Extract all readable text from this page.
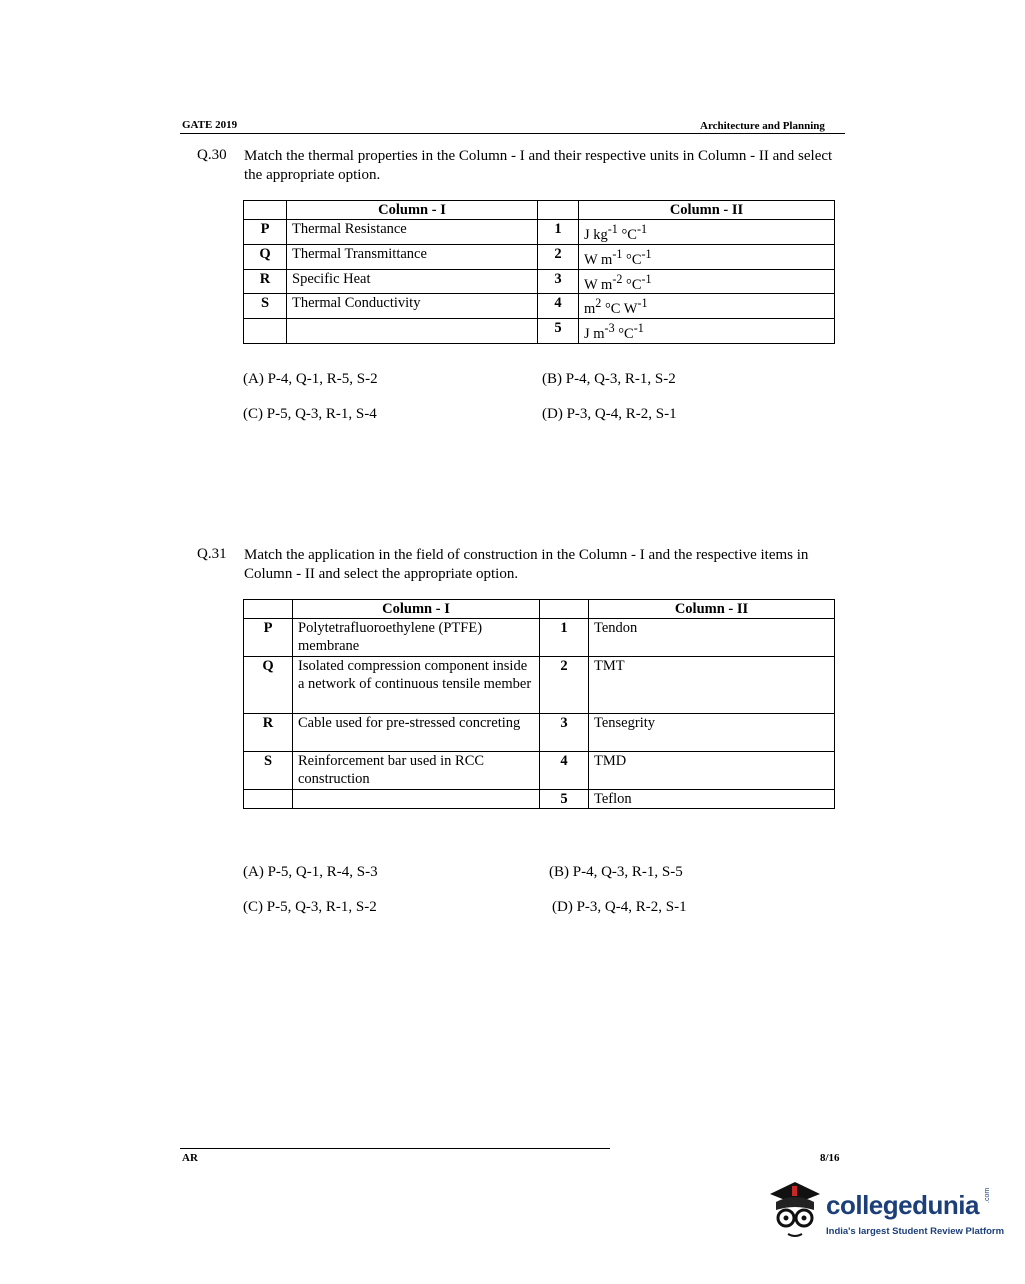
GATE 2019	Architecture and Planning
Q.30 Match the thermal properties in the Column - I and their respective units in Column - II and select the appropriate option.
	Column - I		Column - II
P	Thermal Resistance	1	J $kg^{-1}$ $^\circ C^{-1}$
Q	Thermal Transmittance	2	W $m^{-1}$ $^\circ C^{-1}$
R	Specific Heat	3	W $m^{-2}$ $^\circ C^{-1}$
S	Thermal Conductivity	4	$m^2$ °C $W^{-1}$
		5	J $m^{-3}$ $^\circ C^{-1}$
(A) P-4, Q-1, R-5, S-2	(B) P-4, Q-3, R-1, S-2
(C) P-5, Q-3, R-1, S-4	(D) P-3, Q-4, R-2, S-1
Q.31 Match the application in the field of construction in the Column - I and the respective items in Column - II and select the appropriate option.
	Column - I		Column - II
P	Polytetrafluoroethylene (PTFE) membrane	1	Tendon
Q	Isolated compression component inside a network of continuous tensile member	2	TMT
R	Cable used for pre-stressed concreting	3	Tensegrity
S	Reinforcement bar used in RCC construction	4	TMD
		5	Teflon
(A) P-5, Q-1, R-4, S-3	(B) P-4, Q-3, R-1, S-5
(C) P-5, Q-3, R-1, S-2	(D) P-3, Q-4, R-2, S-1
AR	8/16
collegedunia .com
India's largest Student Review Platform
